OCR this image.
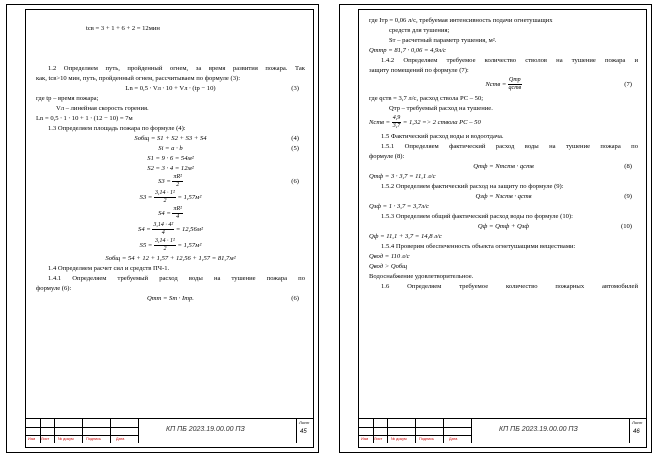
tсв = 3 + 1 + 6 + 2 = 12мин
1.2 Определяем путь, пройденный огнем, за время развития пожара. Так
как, tсв>10 мин, путь, пройденный огнем, рассчитываем по формуле (3):
Ln = 0,5 ∙ Vл ∙ 10 + Vл ∙ (tр − 10)	(3)
где tр – время пожара;
Vл – линейная скорость горения.
Ln = 0,5 ∙ 1 ∙ 10 + 1 ∙ (12 − 10) = 7м
1.3 Определяем площадь пожара по формуле (4):
Sобщ = S1 + S2 + S3 + S4	(4)
Si = a ∙ b	(5)
S1 = 9 ∙ 6 = 54м²
S2 = 3 ∙ 4 = 12м²
$S3 = \frac{\text{πR²}}{2}$	(6)
$S3 = \frac{\text{3,14 ∙ 1²}}{2} = 1,57м^2$
$S4 = \frac{\text{πR²}}{4}$
$S4 = \frac{\text{3,14 ∙ 4²}}{4} = 12,56м^2$
$S5 = \frac{\text{3,14 ∙ 1²}}{2} = 1,57м^2$
Sобщ = 54 + 12 + 1,57 + 12,56 + 1,57 = 81,7м²
1.4 Определяем расчет сил и средств ПЧ-1.
1.4.1 Определяем требуемый расход воды на тушение пожара по
формуле (6):
Qтт = Sт ∙ Iтр.	(6)
Изм Лист № докум	Подпись	Дата
КП ПБ 2023.19.00.00 ПЗ
Лист
45
где Iтр = 0,06 л/с, требуемая интенсивность подачи огнетушащих
средств для тушения;
Sт – расчетный параметр тушения, м².
Qттр = 81,7 ∙ 0,06 = 4,9л/с
1.4.2 Определяем требуемое количество стволов на тушение пожара и
защиту помещений по формуле (7):
Nств = $\frac{\text{Qтр}}{\text{qств}}$	(7)
где qств = 3,7 л/с, расход ствола РС – 50;
Qтр – требуемый расход на тушение.
Nств = $\frac{4,9}{3,7} = 1,32 => 2$ ствола РС – 50
1.5 Фактический расход воды и водоотдача.
1.5.1 Определяем фактический расход воды на тушение пожара по
формуле (8):
Qтф = Nтств ∙ qств	(8)
Qтф = 3 ∙ 3,7 = 11,1 л/с
1.5.2 Определяем фактический расход на защиту по формуле (9):
Qзф = Nзств ∙ qств	(9)
Qзф = 1 ∙ 3,7 = 3,7л/с
1.5.3 Определяем общий фактический расход воды по формуле (10):
Qф = Qтф + Qзф	(10)
Qф = 11,1 + 3,7 = 14,8 л/с
1.5.4 Проверим обеспеченность объекта огнетушащими веществами:
Qвод = 110 л/с
Qвод > Qобщ
Водоснабжение удовлетворительное.
1.6 Определяем требуемое количество пожарных автомобилей
Изм Лист № докум	Подпись	Дата
КП ПБ 2023.19.00.00 ПЗ
Лист
46
